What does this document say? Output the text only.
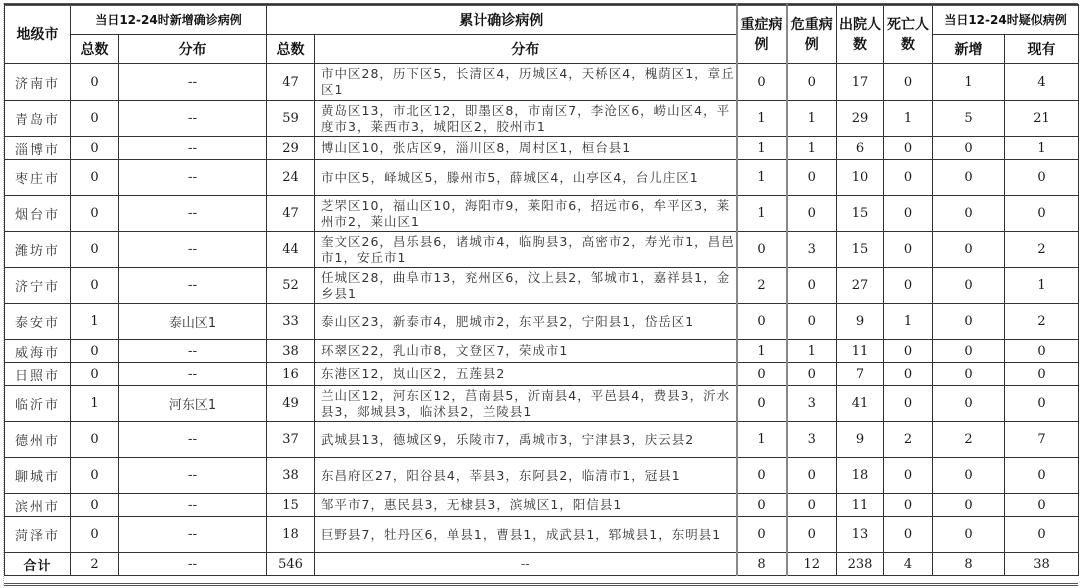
地级市	当日12-24时新增确诊病例		累计确诊病例		重症病例	危重病例	出院人数	死亡人数	当日12-24时疑似病例	
	总数	分布	总数	分布					新增	现有
济南市	0	--	47	市中区28，历下区5，长清区4，历城区4，天桥区4，槐荫区1，章丘区1	0	0	17	0	1	4
青岛市	0	--	59	黄岛区13，市北区12，即墨区8，市南区7，李沧区6，崂山区4，平度市3，莱西市3，城阳区2，胶州市1	1	1	29	1	5	21
淄博市	0	--	29	博山区10，张店区9，淄川区8，周村区1，桓台县1	1	1	6	0	0	1
枣庄市	0	--	24	市中区5，峄城区5，滕州市5，薛城区4，山亭区4，台儿庄区1	1	0	10	0	0	0
烟台市	0	--	47	芝罘区10，福山区10，海阳市9，莱阳市6，招远市6，牟平区3，莱州市2，莱山区1	1	0	15	0	0	0
潍坊市	0	--	44	奎文区26，昌乐县6，诸城市4，临朐县3，高密市2，寿光市1，昌邑市1，安丘市1	0	3	15	0	0	2
济宁市	0	--	52	任城区28，曲阜市13，兖州区6，汶上县2，邹城市1，嘉祥县1，金乡县1	2	0	27	0	0	1
泰安市	1	泰山区1	33	泰山区23，新泰市4，肥城市2，东平县2，宁阳县1，岱岳区1	0	0	9	1	0	2
威海市	0	--	38	环翠区22，乳山市8，文登区7，荣成市1	1	1	11	0	0	0
日照市	0	--	16	东港区12，岚山区2，五莲县2	0	0	7	0	0	0
临沂市	1	河东区1	49	兰山区12，河东区12，莒南县5，沂南县4，平邑县4，费县3，沂水县3，郯城县3，临沭县2，兰陵县1	0	3	41	0	0	0
德州市	0	--	37	武城县13，德城区9，乐陵市7，禹城市3，宁津县3，庆云县2	1	3	9	2	2	7
聊城市	0	--	38	东昌府区27，阳谷县4，莘县3，东阿县2，临清市1，冠县1	0	0	18	0	0	0
滨州市	0	--	15	邹平市7，惠民县3，无棣县3，滨城区1，阳信县1	0	0	11	0	0	0
菏泽市	0	--	18	巨野县7，牡丹区6，单县1，曹县1，成武县1，郓城县1，东明县1	0	0	13	0	0	0
合计	2	--	546	--	8	12	238	4	8	38
